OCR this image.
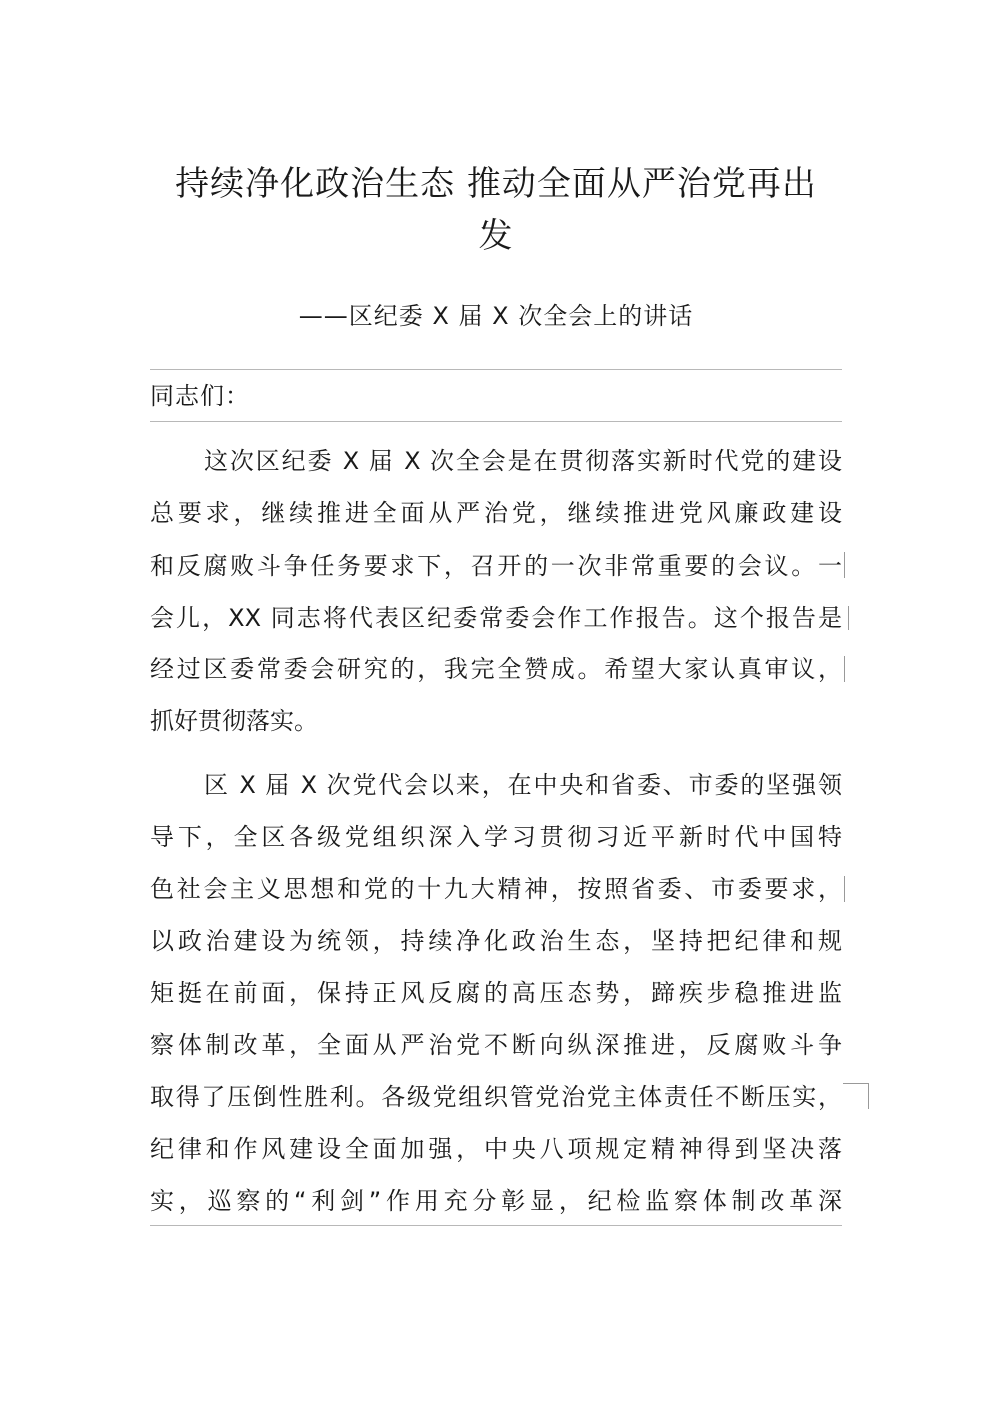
持续净化政治生态 推动全面从严治党再出
发
——区纪委 X 届 X 次全会上的讲话
同志们：
这次区纪委 X 届 X 次全会是在贯彻落实新时代党的建设
总要求，继续推进全面从严治党，继续推进党风廉政建设
和反腐败斗争任务要求下，召开的一次非常重要的会议。一
会儿，XX 同志将代表区纪委常委会作工作报告。这个报告是
经过区委常委会研究的，我完全赞成。希望大家认真审议，
抓好贯彻落实。
区 X 届 X 次党代会以来，在中央和省委、市委的坚强领
导下，全区各级党组织深入学习贯彻习近平新时代中国特
色社会主义思想和党的十九大精神，按照省委、市委要求，
以政治建设为统领，持续净化政治生态，坚持把纪律和规
矩挺在前面，保持正风反腐的高压态势，蹄疾步稳推进监
察体制改革，全面从严治党不断向纵深推进，反腐败斗争
取得了压倒性胜利。各级党组织管党治党主体责任不断压实，
纪律和作风建设全面加强，中央八项规定精神得到坚决落
实，巡察的“利剑”作用充分彰显，纪检监察体制改革深
